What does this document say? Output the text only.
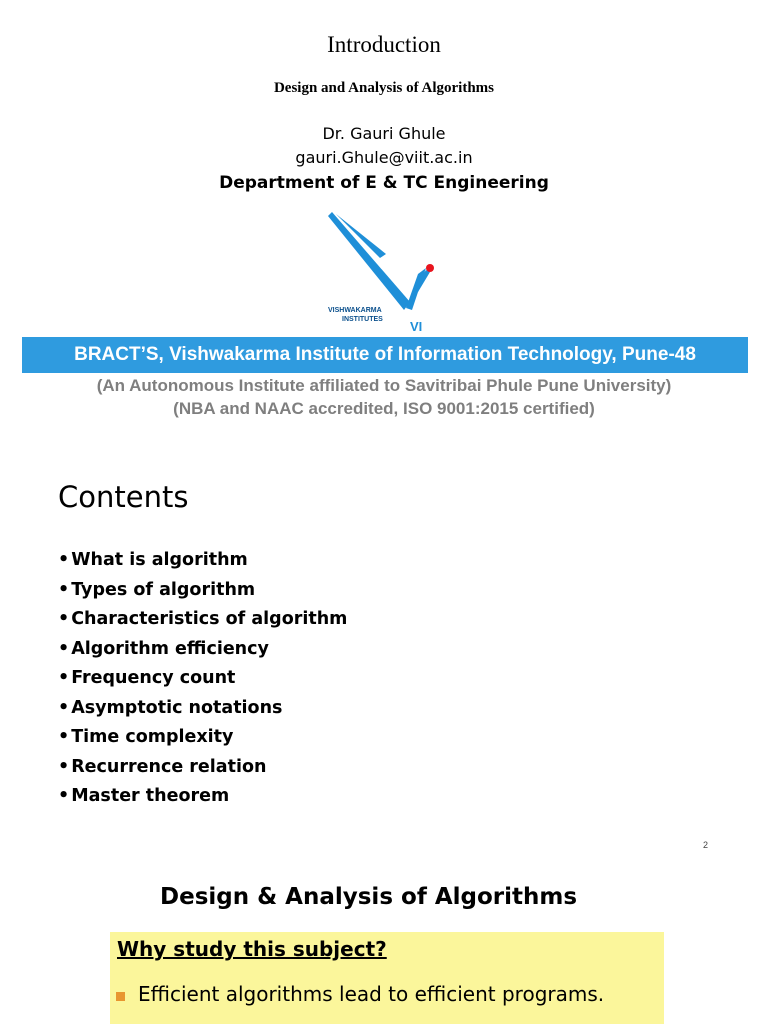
Introduction
Design and Analysis of Algorithms
Dr. Gauri Ghule
gauri.Ghule@viit.ac.in
Department of E & TC Engineering
VISHWAKARMA
INSTITUTES VI
BRACT’S, Vishwakarma Institute of Information Technology, Pune-48
(An Autonomous Institute affiliated to Savitribai Phule Pune University)
(NBA and NAAC accredited, ISO 9001:2015 certified)
Contents
• What is algorithm
• Types of algorithm
• Characteristics of algorithm
• Algorithm efficiency
• Frequency count
• Asymptotic notations
• Time complexity
• Recurrence relation
• Master theorem
2
Design & Analysis of Algorithms
Why study this subject?
Efficient algorithms lead to efficient programs.
